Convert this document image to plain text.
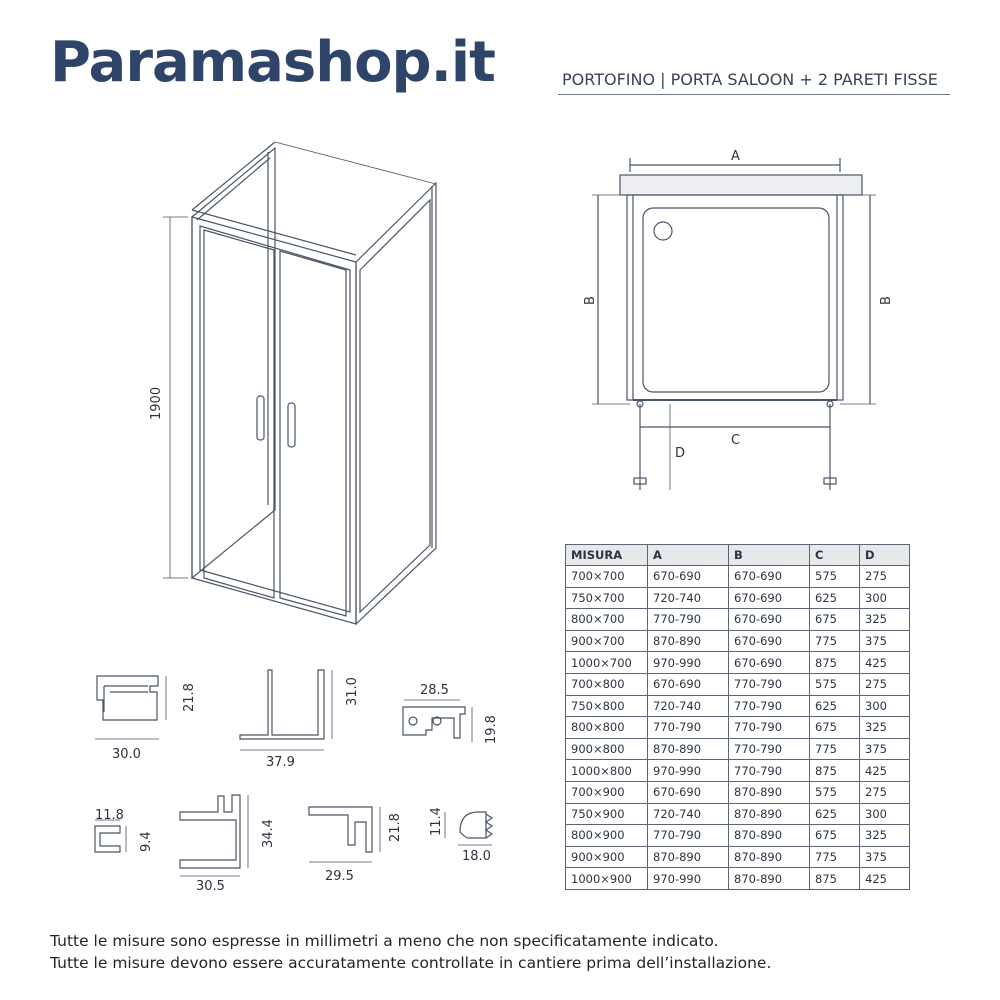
Paramashop.it	PORTOFINO | PORTA SALOON + 2 PARETI FISSE
1900
A
B	B
C
D
30.0
21.8
37.9
31.0	28.5
19.8
11.8
9.4
30.5
34.4
29.5
21.8
18.0
11.4
MISURA	A	B	C	D
700×700	670-690	670-690	575	275
750×700	720-740	670-690	625	300
800×700	770-790	670-690	675	325
900×700	870-890	670-690	775	375
1000×700	970-990	670-690	875	425
700×800	670-690	770-790	575	275
750×800	720-740	770-790	625	300
800×800	770-790	770-790	675	325
900×800	870-890	770-790	775	375
1000×800	970-990	770-790	875	425
700×900	670-690	870-890	575	275
750×900	720-740	870-890	625	300
800×900	770-790	870-890	675	325
900×900	870-890	870-890	775	375
1000×900	970-990	870-890	875	425
Tutte le misure sono espresse in millimetri a meno che non specificatamente indicato.
Tutte le misure devono essere accuratamente controllate in cantiere prima dell’installazione.
